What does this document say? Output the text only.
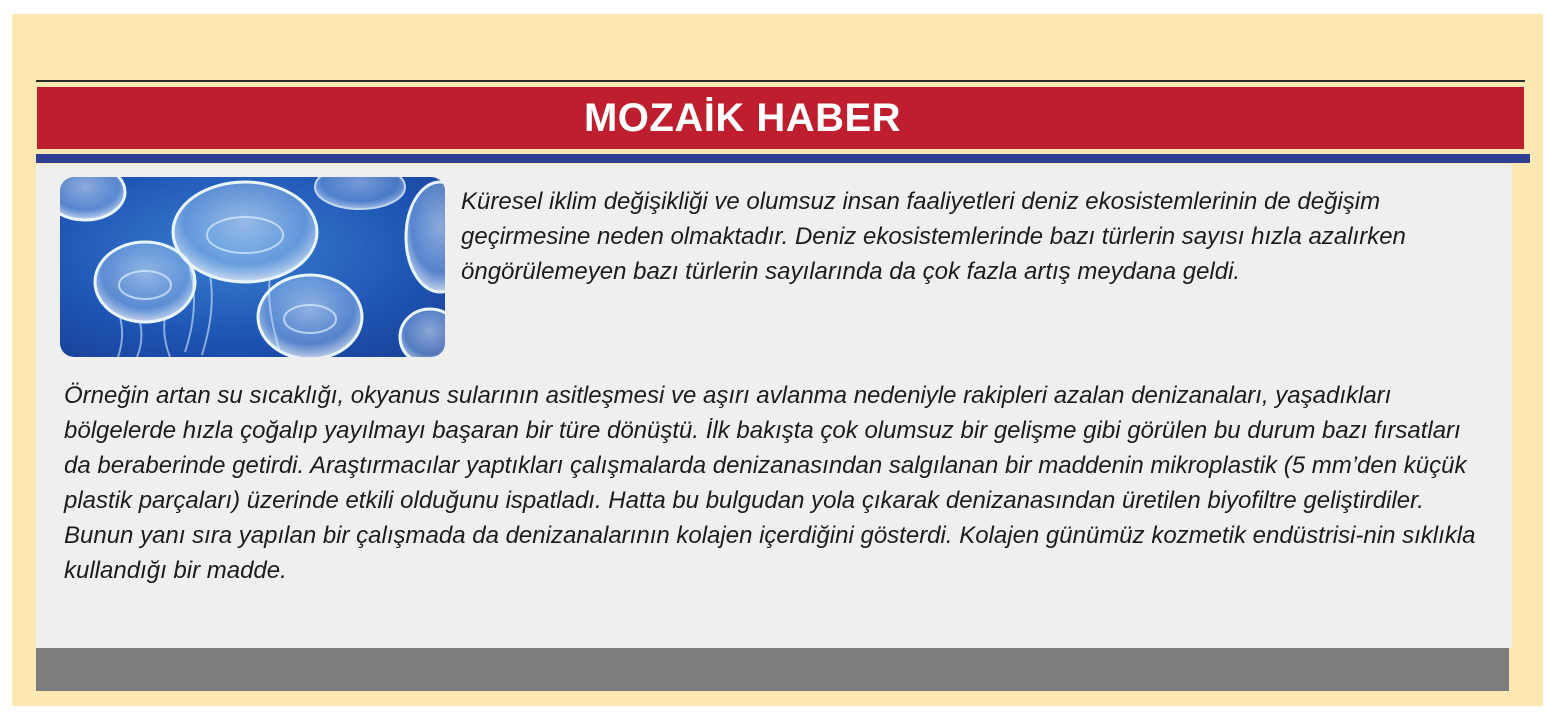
MOZAİK HABER

Küresel iklim değişikliği ve olumsuz insan faaliyetleri deniz ekosistemlerinin de değişim geçirmesine neden olmaktadır. Deniz ekosistemlerinde bazı türlerin sayısı hızla azalırken öngörülemeyen bazı türlerin sayılarında da çok fazla artış meydana geldi.

Örneğin artan su sıcaklığı, okyanus sularının asitleşmesi ve aşırı avlanma nedeniyle rakipleri azalan denizanaları, yaşadıkları bölgelerde hızla çoğalıp yayılmayı başaran bir türe dönüştü. İlk bakışta çok olumsuz bir gelişme gibi görülen bu durum bazı fırsatları da beraberinde getirdi. Araştırmacılar yaptıkları çalışmalarda denizanasından salgılanan bir maddenin mikroplastik (5 mm’den küçük plastik parçaları) üzerinde etkili olduğunu ispatladı. Hatta bu bulgudan yola çıkarak denizanasından üretilen biyofiltre geliştirdiler. Bunun yanı sıra yapılan bir çalışmada da denizanalarının kolajen içerdiğini gösterdi. Kolajen günümüz kozmetik endüstrisi-nin sıklıkla kullandığı bir madde.
